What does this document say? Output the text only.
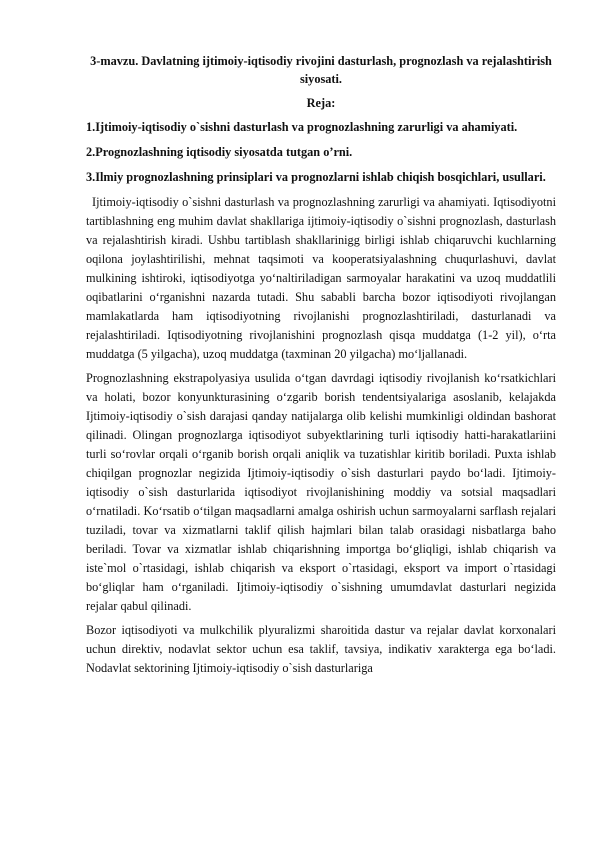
3-mavzu. Davlatning ijtimoiy-iqtisodiy rivojini dasturlash, prognozlash va rejalashtirish siyosati.

Reja:

1.Ijtimoiy-iqtisodiy o`sishni dasturlash va prognozlashning zarurligi va ahamiyati.

2.Prognozlashning iqtisodiy siyosatda tutgan o’rni.

3.Ilmiy prognozlashning prinsiplari va prognozlarni ishlab chiqish bosqichlari, usullari.

Ijtimoiy-iqtisodiy o`sishni dasturlash va prognozlashning zarurligi va ahamiyati. Iqtisodiyotni tartiblashning eng muhim davlat shakllariga ijtimoiy-iqtisodiy o`sishni prognozlash, dasturlash va rejalashtirish kiradi. Ushbu tartiblash shakllarinigg birligi ishlab chiqaruvchi kuchlarning oqilona joylashtirilishi, mehnat taqsimoti va kooperatsiyalashning chuqurlashuvi, davlat mulkining ishtiroki, iqtisodiyotga yo‘naltiriladigan sarmoyalar harakatini va uzoq muddatlili oqibatlarini o‘rganishni nazarda tutadi. Shu sababli barcha bozor iqtisodiyoti rivojlangan mamlakatlarda ham iqtisodiyotning rivojlanishi prognozlashtiriladi, dasturlanadi va rejalashtiriladi. Iqtisodiyotning rivojlanishini prognozlash qisqa muddatga (1-2 yil), o‘rta muddatga (5 yilgacha), uzoq muddatga (taxminan 20 yilgacha) mo‘ljallanadi.

Prognozlashning ekstrapolyasiya usulida o‘tgan davrdagi iqtisodiy rivojlanish ko‘rsatkichlari va holati, bozor konyunkturasining o‘zgarib borish tendentsiyalariga asoslanib, kelajakda Ijtimoiy-iqtisodiy o`sish darajasi qanday natijalarga olib kelishi mumkinligi oldindan bashorat qilinadi. Olingan prognozlarga iqtisodiyot subyektlarining turli iqtisodiy hatti-harakatlariini turli so‘rovlar orqali o‘rganib borish orqali aniqlik va tuzatishlar kiritib boriladi. Puxta ishlab chiqilgan prognozlar negizida Ijtimoiy-iqtisodiy o`sish dasturlari paydo bo‘ladi. Ijtimoiy-iqtisodiy o`sish dasturlarida iqtisodiyot rivojlanishining moddiy va sotsial maqsadlari o‘rnatiladi. Ko‘rsatib o‘tilgan maqsadlarni amalga oshirish uchun sarmoyalarni sarflash rejalari tuziladi, tovar va xizmatlarni taklif qilish hajmlari bilan talab orasidagi nisbatlarga baho beriladi. Tovar va xizmatlar ishlab chiqarishning importga bo‘gliqligi, ishlab chiqarish va iste`mol o`rtasidagi, ishlab chiqarish va eksport o`rtasidagi, eksport va import o`rtasidagi bo‘gliqlar ham o‘rganiladi. Ijtimoiy-iqtisodiy o`sishning umumdavlat dasturlari negizida rejalar qabul qilinadi.

Bozor iqtisodiyoti va mulkchilik plyuralizmi sharoitida dastur va rejalar davlat korxonalari uchun direktiv, nodavlat sektor uchun esa taklif, tavsiya, indikativ xarakterga ega bo‘ladi. Nodavlat sektorining Ijtimoiy-iqtisodiy o`sish dasturlariga
